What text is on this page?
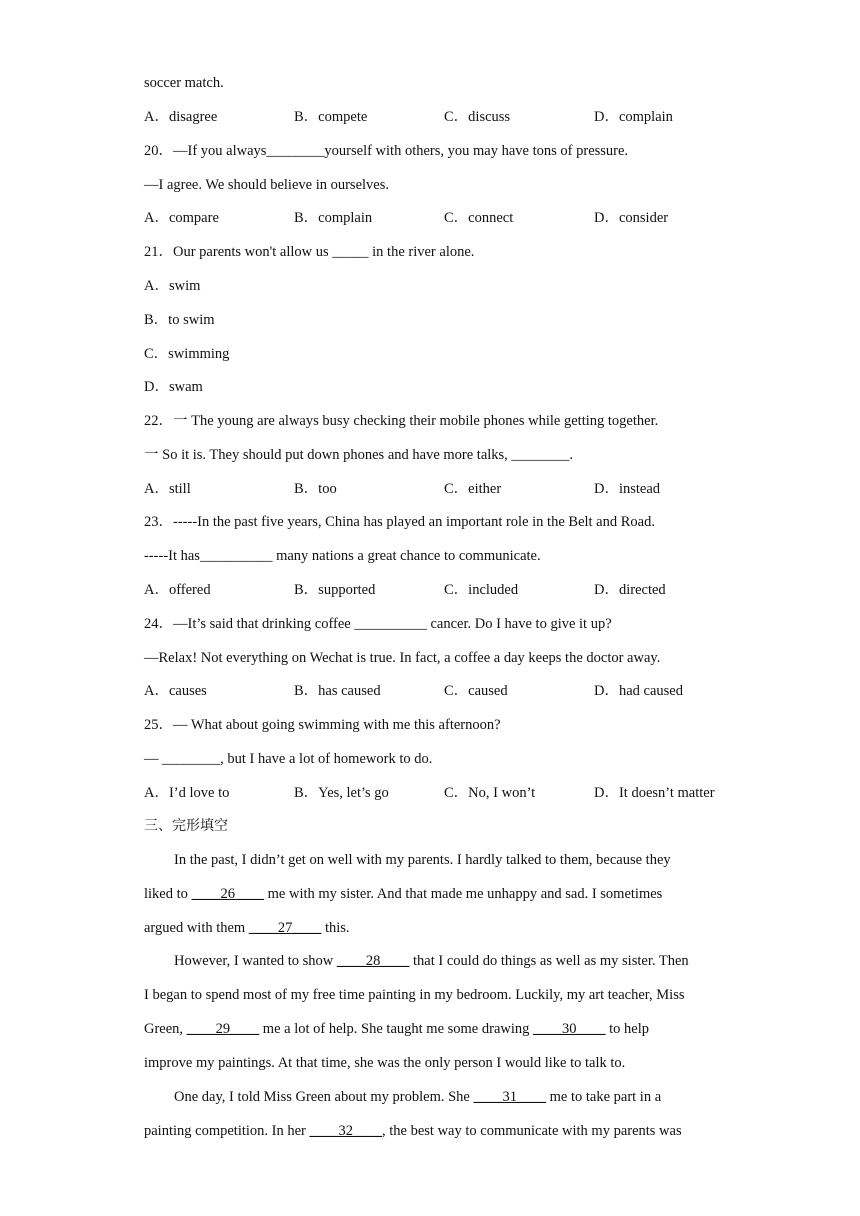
soccer match.
A．disagree	B．compete	C．discuss	D．complain
20．—If you always________yourself with others, you may have tons of pressure.
—I agree. We should believe in ourselves.
A．compare	B．complain	C．connect	D．consider
21．Our parents won't allow us _____ in the river alone.
A．swim
B．to swim
C．swimming
D．swam
22．一 The young are always busy checking their mobile phones while getting together.
一 So it is. They should put down phones and have more talks, ________.
A．still	B．too	C．either	D．instead
23．-----In the past five years, China has played an important role in the Belt and Road.
-----It has__________ many nations a great chance to communicate.
A．offered	B．supported	C．included	D．directed
24．—It’s said that drinking coffee __________ cancer. Do I have to give it up?
—Relax! Not everything on Wechat is true. In fact, a coffee a day keeps the doctor away.
A．causes	B．has caused	C．caused	D．had caused
25．— What about going swimming with me this afternoon?
— ________, but I have a lot of homework to do.
A．I’d love to	B．Yes, let’s go	C．No, I won’t	D．It doesn’t matter
三、完形填空
In the past, I didn’t get on well with my parents. I hardly talked to them, because they
liked to ____26____ me with my sister. And that made me unhappy and sad. I sometimes
argued with them ____27____ this.
However, I wanted to show ____28____ that I could do things as well as my sister. Then
I began to spend most of my free time painting in my bedroom. Luckily, my art teacher, Miss
Green, ____29____ me a lot of help. She taught me some drawing ____30____ to help
improve my paintings. At that time, she was the only person I would like to talk to.
One day, I told Miss Green about my problem. She ____31____ me to take part in a
painting competition. In her ____32____, the best way to communicate with my parents was
